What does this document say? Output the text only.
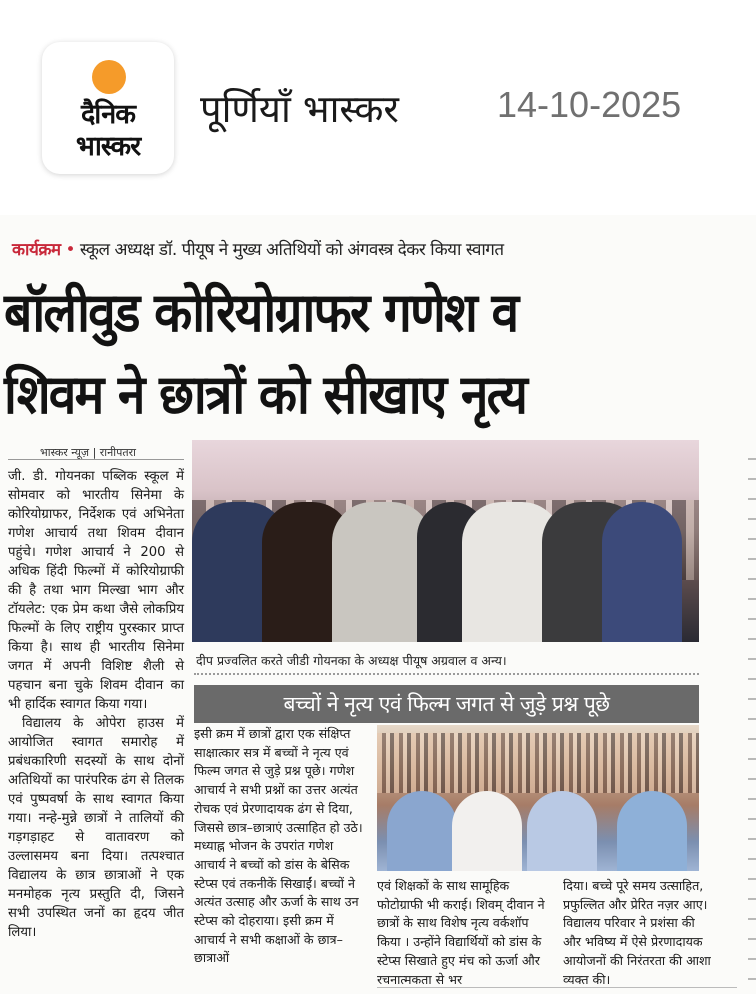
दैनिक
भास्कर
पूर्णियाँ भास्कर	14-10-2025
कार्यक्रम • स्कूल अध्यक्ष डॉ. पीयूष ने मुख्य अतिथियों को अंगवस्त्र देकर किया स्वागत
बॉलीवुड कोरियोग्राफर गणेश व
शिवम ने छात्रों को सीखाए नृत्य
भास्कर न्यूज़ | रानीपतरा

जी. डी. गोयनका पब्लिक स्कूल में सोमवार को भारतीय सिनेमा के कोरियोग्राफर, निर्देशक एवं अभिनेता गणेश आचार्य तथा शिवम दीवान पहुंचे। गणेश आचार्य ने 200 से अधिक हिंदी फिल्मों में कोरियोग्राफी की है तथा भाग मिल्खा भाग और टॉयलेट: एक प्रेम कथा जैसे लोकप्रिय फिल्मों के लिए राष्ट्रीय पुरस्कार प्राप्त किया है। साथ ही भारतीय सिनेमा जगत में अपनी विशिष्ट शैली से पहचान बना चुके शिवम दीवान का भी हार्दिक स्वागत किया गया।

विद्यालय के ओपेरा हाउस में आयोजित स्वागत समारोह में प्रबंधकारिणी सदस्यों के साथ दोनों अतिथियों का पारंपरिक ढंग से तिलक एवं पुष्पवर्षा के साथ स्वागत किया गया। नन्हे-मुन्ने छात्रों ने तालियों की गड़गड़ाहट से वातावरण को उल्लासमय बना दिया। तत्पश्चात विद्यालय के छात्र छात्राओं ने एक मनमोहक नृत्य प्रस्तुति दी, जिसने सभी उपस्थित जनों का हृदय जीत लिया।

दीप प्रज्वलित करते जीडी गोयनका के अध्यक्ष पीयूष अग्रवाल व अन्य।
बच्चों ने नृत्य एवं फिल्म जगत से जुड़े प्रश्न पूछे
इसी क्रम में छात्रों द्वारा एक संक्षिप्त साक्षात्कार सत्र में बच्चों ने नृत्य एवं फिल्म जगत से जुड़े प्रश्न पूछे। गणेश आचार्य ने सभी प्रश्नों का उत्तर अत्यंत रोचक एवं प्रेरणादायक ढंग से दिया, जिससे छात्र–छात्राएं उत्साहित हो उठे। मध्याह्न भोजन के उपरांत गणेश आचार्य ने बच्चों को डांस के बेसिक स्टेप्स एवं तकनीकें सिखाईं। बच्चों ने अत्यंत उत्साह और ऊर्जा के साथ उन स्टेप्स को दोहराया। इसी क्रम में आचार्य ने सभी कक्षाओं के छात्र–छात्राओं
एवं शिक्षकों के साथ सामूहिक फोटोग्राफी भी कराई। शिवम् दीवान ने छात्रों के साथ विशेष नृत्य वर्कशॉप किया । उन्होंने विद्यार्थियों को डांस के स्टेप्स सिखाते हुए मंच को ऊर्जा और रचनात्मकता से भर
दिया। बच्चे पूरे समय उत्साहित, प्रफुल्लित और प्रेरित नज़र आए। विद्यालय परिवार ने प्रशंसा की और भविष्य में ऐसे प्रेरणादायक आयोजनों की निरंतरता की आशा व्यक्त की।
